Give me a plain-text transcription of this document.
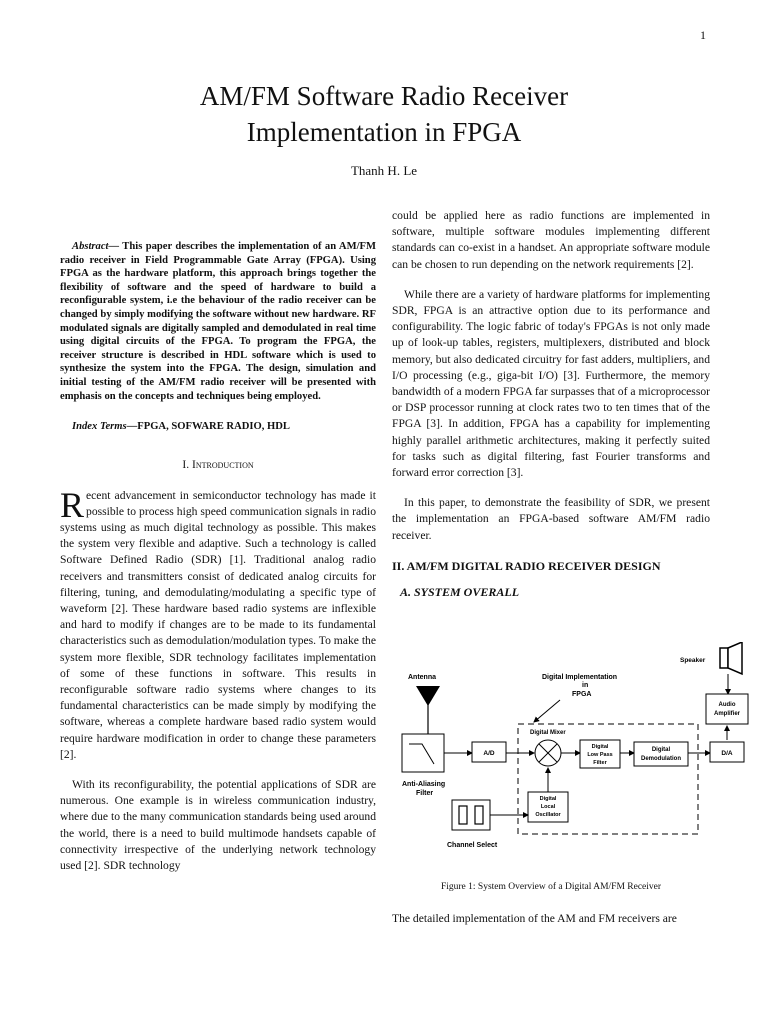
1
AM/FM Software Radio Receiver
Implementation in FPGA
Thanh H. Le

Abstract— This paper describes the implementation of an AM/FM radio receiver in Field Programmable Gate Array (FPGA). Using FPGA as the hardware platform, this approach brings together the flexibility of software and the speed of hardware to build a reconfigurable system, i.e the behaviour of the radio receiver can be changed by simply modifying the software without new hardware. RF modulated signals are digitally sampled and demodulated in real time using digital circuits of the FPGA. To program the FPGA, the receiver structure is described in HDL software which is used to synthesize the system into the FPGA. The design, simulation and initial testing of the AM/FM radio receiver will be presented with emphasis on the concepts and techniques being employed.

Index Terms—FPGA, SOFWARE RADIO, HDL

I. Introduction

Recent advancement in semiconductor technology has made it possible to process high speed communication signals in radio systems using as much digital technology as possible. This makes the system very flexible and adaptive. Such a technology is called Software Defined Radio (SDR) [1]. Traditional analog radio receivers and transmitters consist of dedicated analog circuits for filtering, tuning, and demodulating/modulating a specific type of waveform [2]. These hardware based radio systems are inflexible and hard to modify if changes are to be made to its fundamental characteristics such as demodulation/modulation types. To make the system more flexible, SDR technology facilitates implementation of some of these functions in software. This results in reconfigurable software radio systems where changes to its fundamental characteristics can be made simply by modifying the software, whereas a complete hardware based radio system would require hardware modification in order to change these parameters [2].

With its reconfigurability, the potential applications of SDR are numerous. One example is in wireless communication industry, where due to the many communication standards being used around the world, there is a need to build multimode handsets capable of connectivity irrespective of the underlying network technology used [2]. SDR technology

could be applied here as radio functions are implemented in software, multiple software modules implementing different standards can co-exist in a handset. An appropriate software module can be chosen to run depending on the network requirements [2].

While there are a variety of hardware platforms for implementing SDR, FPGA is an attractive option due to its performance and configurability. The logic fabric of today's FPGAs is not only made up of look-up tables, registers, multiplexers, distributed and block memory, but also dedicated circuitry for fast adders, multipliers, and I/O processing (e.g., giga-bit I/O) [3]. Furthermore, the memory bandwidth of a modern FPGA far surpasses that of a microprocessor or DSP processor running at clock rates two to ten times that of the FPGA [3]. In addition, FPGA has a capability for implementing highly parallel arithmetic architectures, making it perfectly suited for tasks such as digital filtering, fast Fourier transforms and forward error correction [3].

In this paper, to demonstrate the feasibility of SDR, we present the implementation an FPGA-based software AM/FM radio receiver.

II. AM/FM DIGITAL RADIO RECEIVER DESIGN

A. SYSTEM OVERALL

Speaker
Antenna	Digital Implementation
in
FPGA
Audio
Amplifier
Anti-Aliasing
Filter
A/D
Digital Mixer
Digital
Low Pass
Filter
Digital
Demodulation
D/A
Digital
Local
Oscillator
Channel Select
Figure 1: System Overview of a Digital AM/FM Receiver
The detailed implementation of the AM and FM receivers are
